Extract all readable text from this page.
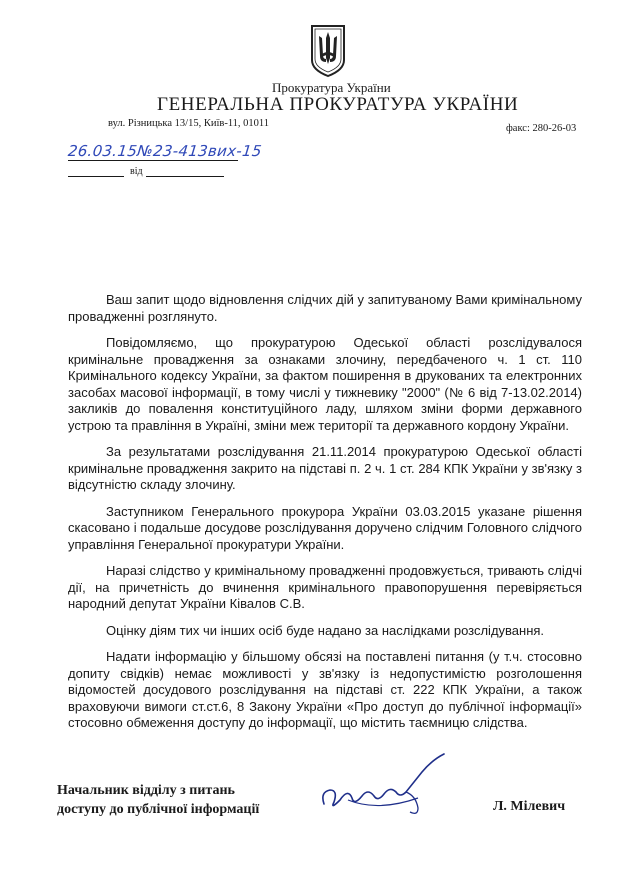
Прокуратура України
ГЕНЕРАЛЬНА ПРОКУРАТУРА УКРАЇНИ
вул. Різницька 13/15, Київ-11, 01011	факс: 280-26-03
26.03.15№23-413вих-15
від

Ваш запит щодо відновлення слідчих дій у запитуваному Вами кримінальному провадженні розглянуто.

Повідомляємо, що прокуратурою Одеської області розслідувалося кримінальне провадження за ознаками злочину, передбаченого ч. 1 ст. 110 Кримінального кодексу України, за фактом поширення в друкованих та електронних засобах масової інформації, в тому числі у тижневику "2000" (№ 6 від 7-13.02.2014) закликів до повалення конституційного ладу, шляхом зміни форми державного устрою та правління в Україні, зміни меж території та державного кордону України.

За результатами розслідування 21.11.2014 прокуратурою Одеської області кримінальне провадження закрито на підставі п. 2 ч. 1 ст. 284 КПК України у зв'язку з відсутністю складу злочину.

Заступником Генерального прокурора України 03.03.2015 указане рішення скасовано і подальше досудове розслідування доручено слідчим Головного слідчого управління Генеральної прокуратури України.

Наразі слідство у кримінальному провадженні продовжується, тривають слідчі дії, на причетність до вчинення кримінального правопорушення перевіряється народний депутат України Ківалов С.В.

Оцінку діям тих чи інших осіб буде надано за наслідками розслідування.

Надати інформацію у більшому обсязі на поставлені питання (у т.ч. стосовно допиту свідків) немає можливості у зв'язку із недопустимістю розголошення відомостей досудового розслідування на підставі ст. 222 КПК України, а також враховуючи вимоги ст.ст.6, 8 Закону України «Про доступ до публічної інформації» стосовно обмеження доступу до інформації, що містить таємницю слідства.

Начальник відділу з питань
доступу до публічної інформації	Л. Мілевич
